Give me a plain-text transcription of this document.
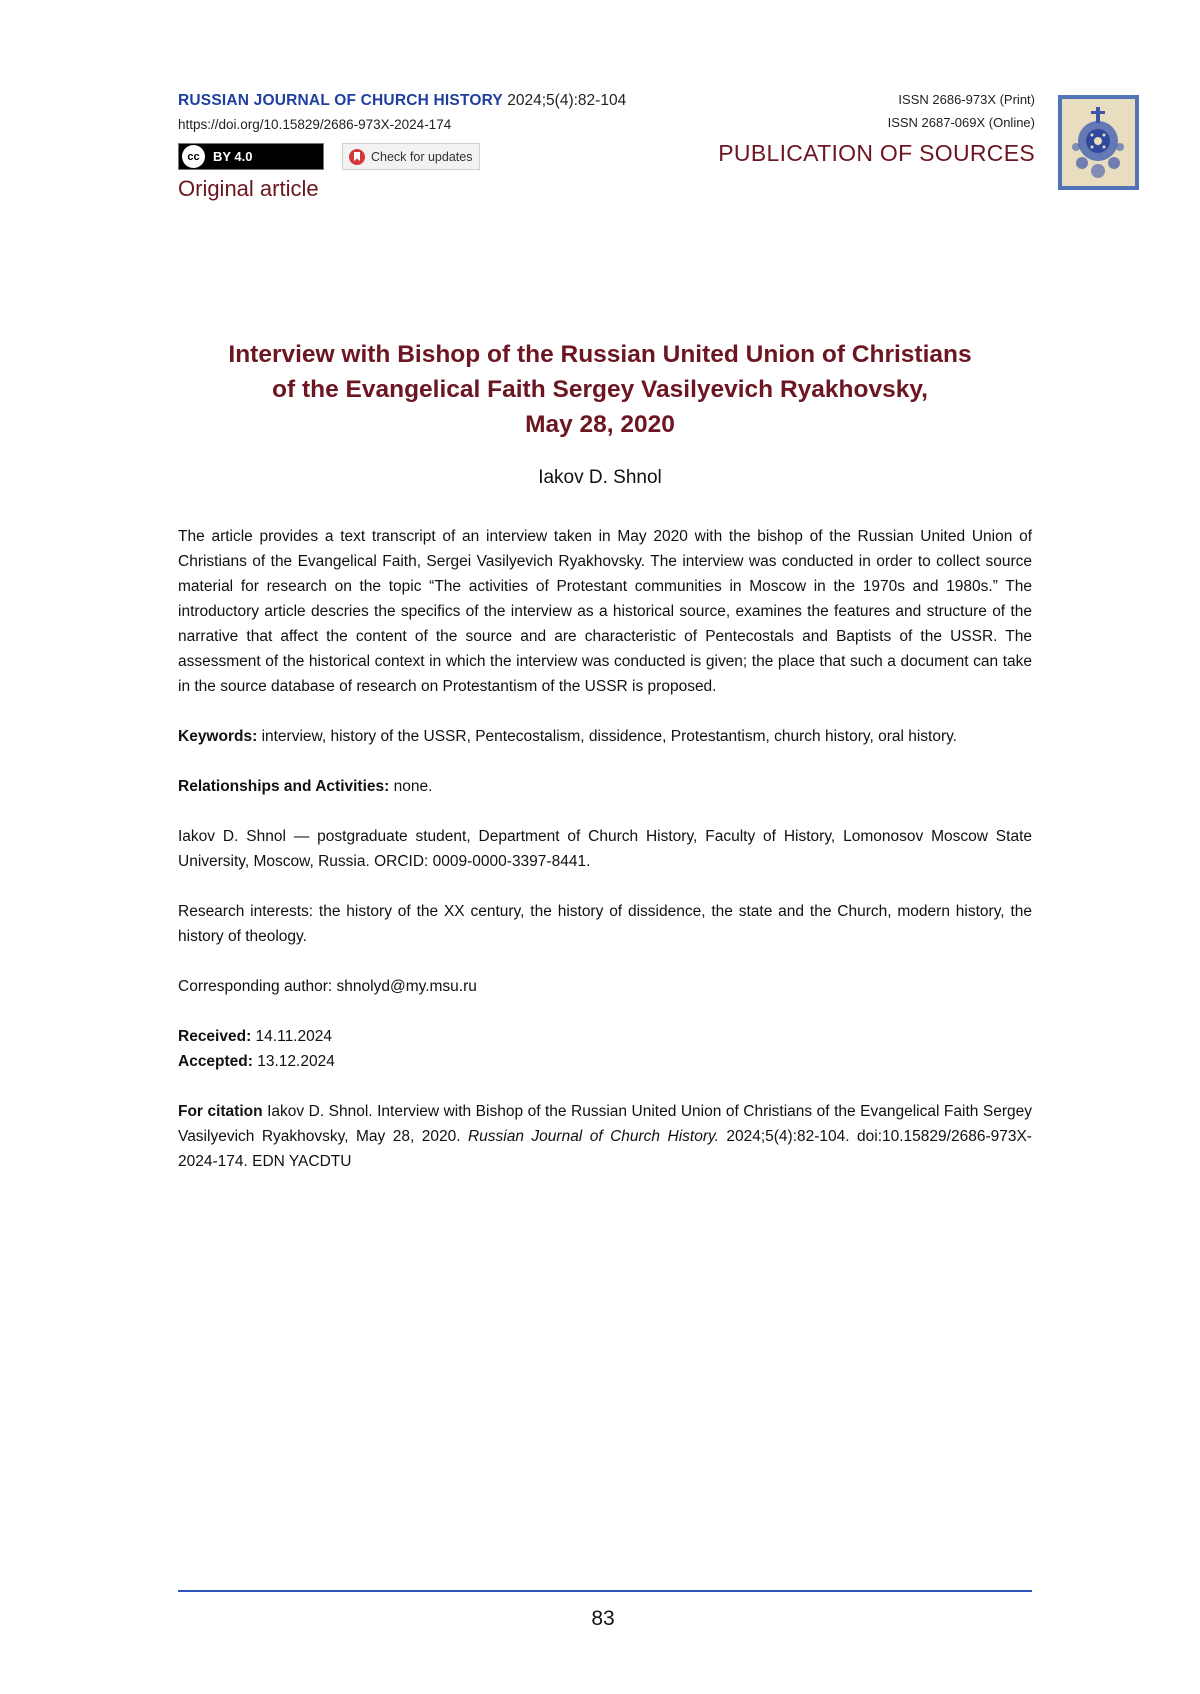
RUSSIAN JOURNAL OF CHURCH HISTORY 2024;5(4):82-104
https://doi.org/10.15829/2686-973X-2024-174
cc	BY 4.0	Check for updates
Original article
ISSN 2686-973X (Print)
ISSN 2687-069X (Online)
PUBLICATION OF SOURCES
Interview with Bishop of the Russian United Union of Christians
of the Evangelical Faith Sergey Vasilyevich Ryakhovsky,
May 28, 2020
Iakov D. Shnol
The article provides a text transcript of an interview taken in May 2020 with the bishop of the Russian United Union of Christians of the Evangelical Faith, Sergei Vasilyevich Ryakhovsky. The interview was conducted in order to collect source material for research on the topic “The activities of Protestant communities in Moscow in the 1970s and 1980s.” The introductory article descries the specifics of the interview as a historical source, examines the features and structure of the narrative that affect the content of the source and are characteristic of Pentecostals and Baptists of the USSR. The assessment of the historical context in which the interview was conducted is given; the place that such a document can take in the source database of research on Protestantism of the USSR is proposed.
Keywords: interview, history of the USSR, Pentecostalism, dissidence, Protestantism, church history, oral history.
Relationships and Activities: none.
Iakov D. Shnol — postgraduate student, Department of Church History, Faculty of History, Lomonosov Moscow State University, Moscow, Russia. ORCID: 0009-0000-3397-8441.
Research interests: the history of the XX century, the history of dissidence, the state and the Church, modern history, the history of theology.
Corresponding author: shnolyd@my.msu.ru
Received: 14.11.2024
Accepted: 13.12.2024
For citation Iakov D. Shnol. Interview with Bishop of the Russian United Union of Christians of the Evangelical Faith Sergey Vasilyevich Ryakhovsky, May 28, 2020. Russian Journal of Church History. 2024;5(4):82-104. doi:10.15829/2686-973X-2024-174. EDN YACDTU
83
